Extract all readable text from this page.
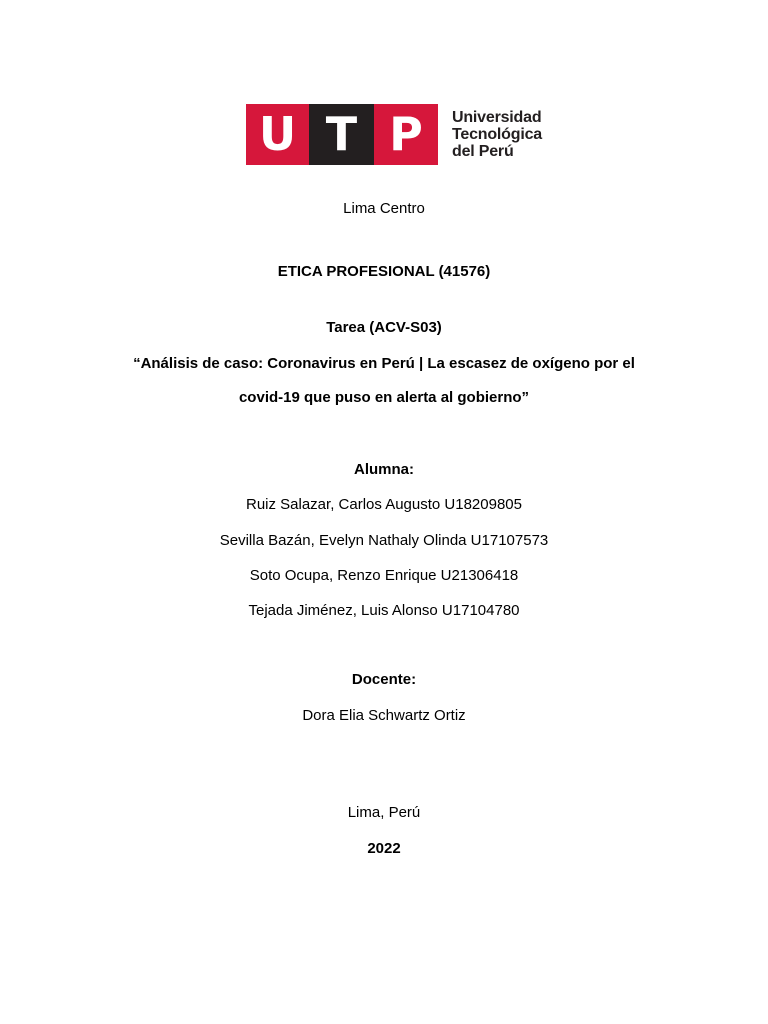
U T P	Universidad
Tecnológica
del Perú
Lima Centro
ETICA PROFESIONAL (41576)
Tarea (ACV-S03)
“Análisis de caso: Coronavirus en Perú | La escasez de oxígeno por el
covid-19 que puso en alerta al gobierno”
Alumna:
Ruiz Salazar, Carlos Augusto U18209805
Sevilla Bazán, Evelyn Nathaly Olinda U17107573
Soto Ocupa, Renzo Enrique U21306418
Tejada Jiménez, Luis Alonso U17104780
Docente:
Dora Elia Schwartz Ortiz
Lima, Perú
2022
